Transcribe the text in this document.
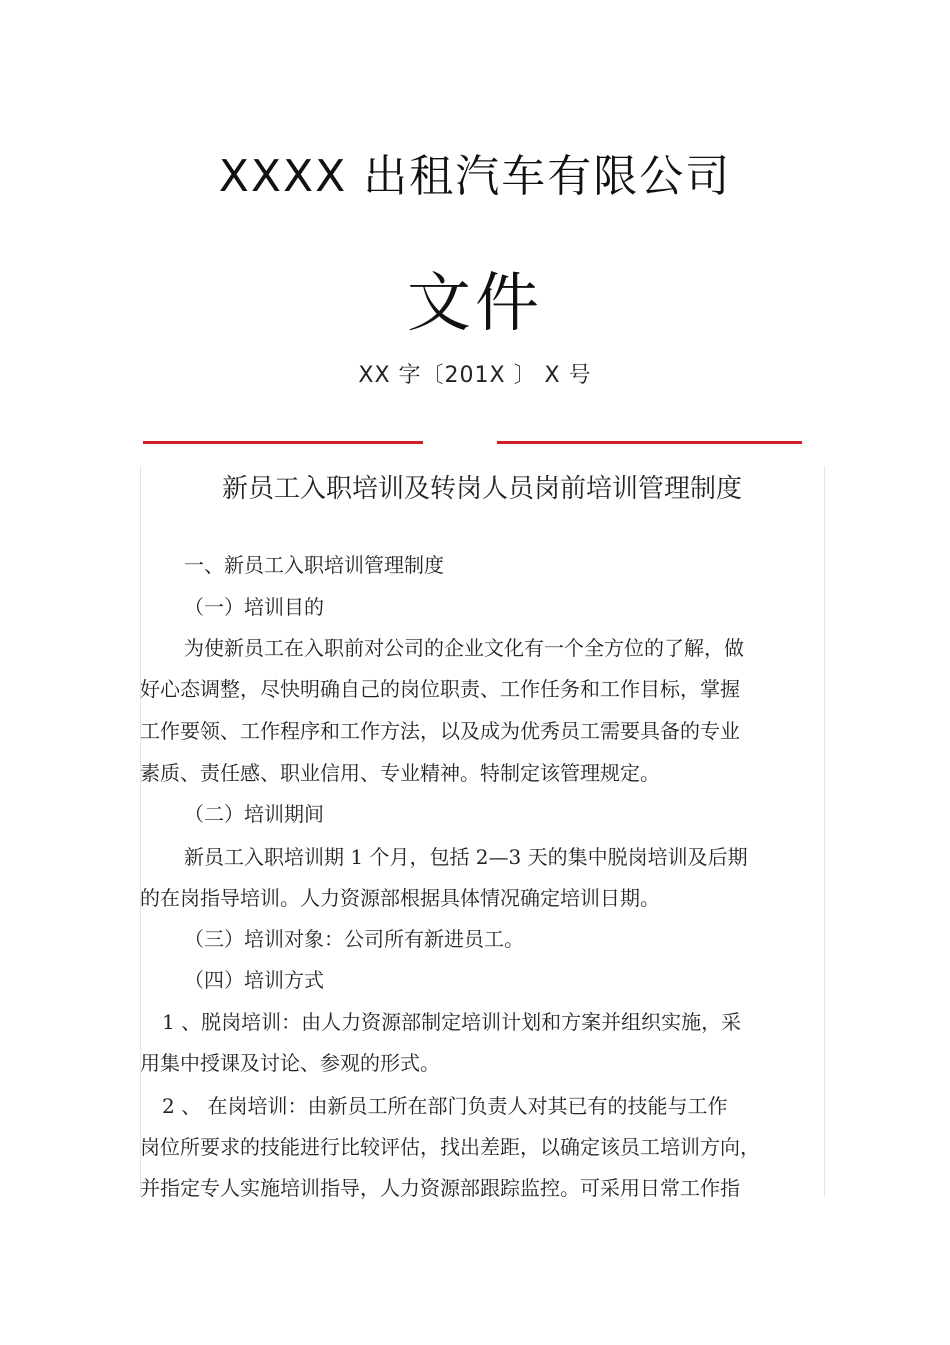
XXXX 出租汽车有限公司
文件
XX 字〔201X 〕 X 号
新员工入职培训及转岗人员岗前培训管理制度
一、新员工入职培训管理制度
（一）培训目的
为使新员工在入职前对公司的企业文化有一个全方位的了解，做
好心态调整，尽快明确自己的岗位职责、工作任务和工作目标，掌握
工作要领、工作程序和工作方法，以及成为优秀员工需要具备的专业
素质、责任感、职业信用、专业精神。特制定该管理规定。
（二）培训期间
新员工入职培训期 1 个月，包括 2—3 天的集中脱岗培训及后期
的在岗指导培训。人力资源部根据具体情况确定培训日期。
（三）培训对象：公司所有新进员工。
（四）培训方式
1 、脱岗培训：由人力资源部制定培训计划和方案并组织实施，采
用集中授课及讨论、参观的形式。
2 、 在岗培训：由新员工所在部门负责人对其已有的技能与工作
岗位所要求的技能进行比较评估，找出差距，以确定该员工培训方向，
并指定专人实施培训指导，人力资源部跟踪监控。可采用日常工作指
